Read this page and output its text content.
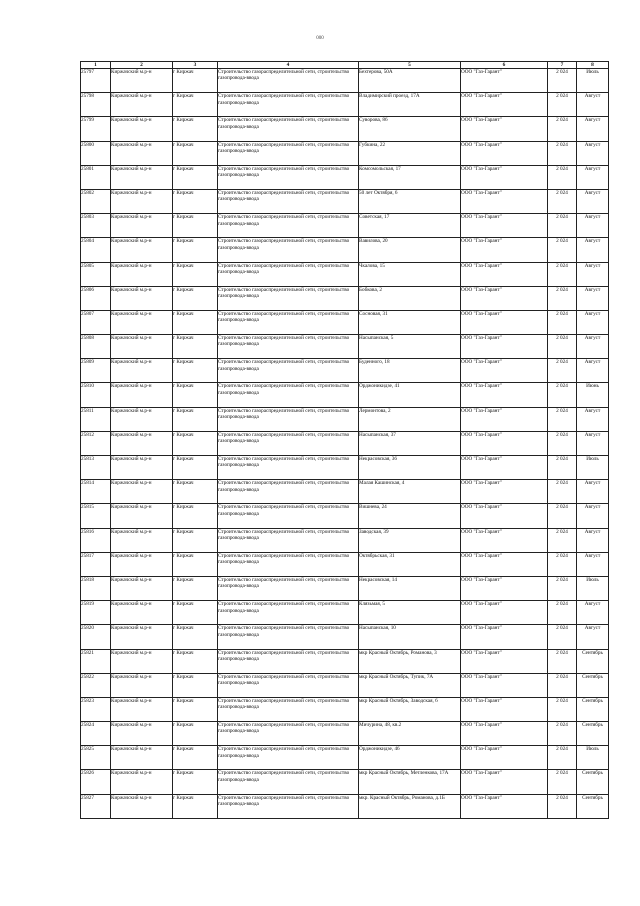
000
1	2	3	4	5	6	7	8
25797	Киржачский м.р-н	г Киржач	Строительство газораспределительной сети, строительство газопровода-ввода	Бехтерова, 50А	ООО "Газ-Гарант"	2 024	Июль
25798	Киржачский м.р-н	г Киржач	Строительство газораспределительной сети, строительство газопровода-ввода	Владимирский проезд, 17А	ООО "Газ-Гарант"	2 024	Август
25799	Киржачский м.р-н	г Киржач	Строительство газораспределительной сети, строительство газопровода-ввода	Суворова, 86	ООО "Газ-Гарант"	2 024	Август
25800	Киржачский м.р-н	г Киржач	Строительство газораспределительной сети, строительство газопровода-ввода	Губкина, 22	ООО "Газ-Гарант"	2 024	Август
25801	Киржачский м.р-н	г Киржач	Строительство газораспределительной сети, строительство газопровода-ввода	Комсомольская, 17	ООО "Газ-Гарант"	2 024	Август
25802	Киржачский м.р-н	г Киржач	Строительство газораспределительной сети, строительство газопровода-ввода	50 лет Октября, 6	ООО "Газ-Гарант"	2 024	Август
25803	Киржачский м.р-н	г Киржач	Строительство газораспределительной сети, строительство газопровода-ввода	Советская, 17	ООО "Газ-Гарант"	2 024	Август
25804	Киржачский м.р-н	г Киржач	Строительство газораспределительной сети, строительство газопровода-ввода	Вавилова, 20	ООО "Газ-Гарант"	2 024	Август
25805	Киржачский м.р-н	г Киржач	Строительство газораспределительной сети, строительство газопровода-ввода	Чкалова, 15	ООО "Газ-Гарант"	2 024	Август
25806	Киржачский м.р-н	г Киржач	Строительство газораспределительной сети, строительство газопровода-ввода	Бобкова, 2	ООО "Газ-Гарант"	2 024	Август
25807	Киржачский м.р-н	г Киржач	Строительство газораспределительной сети, строительство газопровода-ввода	Сосновая, 31	ООО "Газ-Гарант"	2 024	Август
25808	Киржачский м.р-н	г Киржач	Строительство газораспределительной сети, строительство газопровода-ввода	Насыпанская, 5	ООО "Газ-Гарант"	2 024	Август
25809	Киржачский м.р-н	г Киржач	Строительство газораспределительной сети, строительство газопровода-ввода	Буденного, 18	ООО "Газ-Гарант"	2 024	Август
25810	Киржачский м.р-н	г Киржач	Строительство газораспределительной сети, строительство газопровода-ввода	Орджоникидзе, 41	ООО "Газ-Гарант"	2 024	Июнь
25811	Киржачский м.р-н	г Киржач	Строительство газораспределительной сети, строительство газопровода-ввода	Лермонтова, 2	ООО "Газ-Гарант"	2 024	Август
25812	Киржачский м.р-н	г Киржач	Строительство газораспределительной сети, строительство газопровода-ввода	Насыпанская, 37	ООО "Газ-Гарант"	2 024	Август
25813	Киржачский м.р-н	г Киржач	Строительство газораспределительной сети, строительство газопровода-ввода	Некрасовская, 36	ООО "Газ-Гарант"	2 024	Июль
25814	Киржачский м.р-н	г Киржач	Строительство газораспределительной сети, строительство газопровода-ввода	Малая Кашинская, 4	ООО "Газ-Гарант"	2 024	Август
25815	Киржачский м.р-н	г Киржач	Строительство газораспределительной сети, строительство газопровода-ввода	Вишнева, 24	ООО "Газ-Гарант"	2 024	Август
25816	Киржачский м.р-н	г Киржач	Строительство газораспределительной сети, строительство газопровода-ввода	Заводская, 39	ООО "Газ-Гарант"	2 024	Август
25817	Киржачский м.р-н	г Киржач	Строительство газораспределительной сети, строительство газопровода-ввода	Октябрьская, 31	ООО "Газ-Гарант"	2 024	Август
25818	Киржачский м.р-н	г Киржач	Строительство газораспределительной сети, строительство газопровода-ввода	Некрасовская, 14	ООО "Газ-Гарант"	2 024	Июль
25819	Киржачский м.р-н	г Киржач	Строительство газораспределительной сети, строительство газопровода-ввода	Клязьмая, 5	ООО "Газ-Гарант"	2 024	Август
25820	Киржачский м.р-н	г Киржач	Строительство газораспределительной сети, строительство газопровода-ввода	Насыпанская, 10	ООО "Газ-Гарант"	2 024	Август
25821	Киржачский м.р-н	г Киржач	Строительство газораспределительной сети, строительство газопровода-ввода	мкр Красный Октябрь, Романова, 3	ООО "Газ-Гарант"	2 024	Сентябрь
25822	Киржачский м.р-н	г Киржач	Строительство газораспределительной сети, строительство газопровода-ввода	мкр Красный Октябрь, Тупик, 7А	ООО "Газ-Гарант"	2 024	Сентябрь
25823	Киржачский м.р-н	г Киржач	Строительство газораспределительной сети, строительство газопровода-ввода	мкр Красный Октябрь, Заводская, 6	ООО "Газ-Гарант"	2 024	Сентябрь
25824	Киржачский м.р-н	г Киржач	Строительство газораспределительной сети, строительство газопровода-ввода	Мичурина, 48, кв.2	ООО "Газ-Гарант"	2 024	Сентябрь
25825	Киржачский м.р-н	г Киржач	Строительство газораспределительной сети, строительство газопровода-ввода	Орджоникидзе, 46	ООО "Газ-Гарант"	2 024	Июль
25826	Киржачский м.р-н	г Киржач	Строительство газораспределительной сети, строительство газопровода-ввода	мкр Красный Октябрь, Метленкова, 17А	ООО "Газ-Гарант"	2 024	Сентябрь
25827	Киржачский м.р-н	г Киржач	Строительство газораспределительной сети, строительство газопровода-ввода	мкр. Красный Октябрь, Романова, д.1Б	ООО "Газ-Гарант"	2 024	Сентябрь
